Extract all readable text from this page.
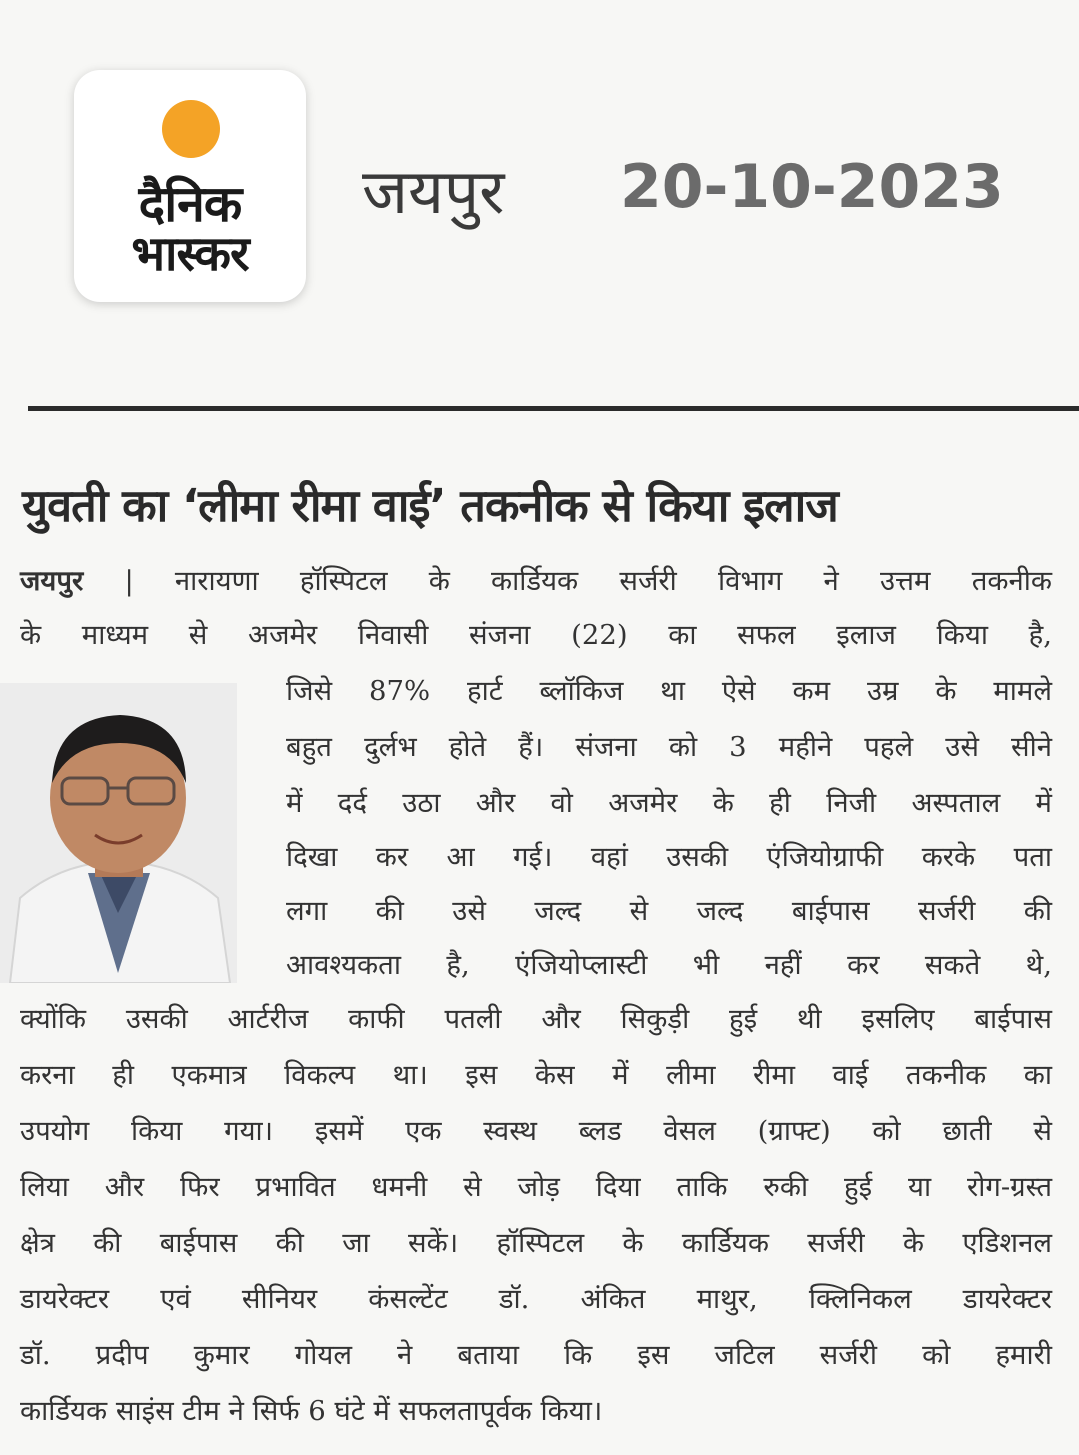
दैनिक
भास्कर
जयपुर 20-10-2023
युवती का ‘लीमा रीमा वाई’ तकनीक से किया इलाज
जयपुर | नारायणा हॉस्पिटल के कार्डियक सर्जरी विभाग ने उत्तम तकनीक
के माध्यम से अजमेर निवासी संजना (22) का सफल इलाज किया है,
जिसे 87% हार्ट ब्लॉकिज था ऐसे कम उम्र के मामले
बहुत दुर्लभ होते हैं। संजना को 3 महीने पहले उसे सीने
में दर्द उठा और वो अजमेर के ही निजी अस्पताल में
दिखा कर आ गई। वहां उसकी एंजियोग्राफी करके पता
लगा की उसे जल्द से जल्द बाईपास सर्जरी की
आवश्यकता है, एंजियोप्लास्टी भी नहीं कर सकते थे,
क्योंकि उसकी आर्टरीज काफी पतली और सिकुड़ी हुई थी इसलिए बाईपास
करना ही एकमात्र विकल्प था। इस केस में लीमा रीमा वाई तकनीक का
उपयोग किया गया। इसमें एक स्वस्थ ब्लड वेसल (ग्राफ्ट) को छाती से
लिया और फिर प्रभावित धमनी से जोड़ दिया ताकि रुकी हुई या रोग-ग्रस्त
क्षेत्र की बाईपास की जा सकें। हॉस्पिटल के कार्डियक सर्जरी के एडिशनल
डायरेक्टर एवं सीनियर कंसल्टेंट डॉ. अंकित माथुर, क्लिनिकल डायरेक्टर
डॉ. प्रदीप कुमार गोयल ने बताया कि इस जटिल सर्जरी को हमारी
कार्डियक साइंस टीम ने सिर्फ 6 घंटे में सफलतापूर्वक किया।
